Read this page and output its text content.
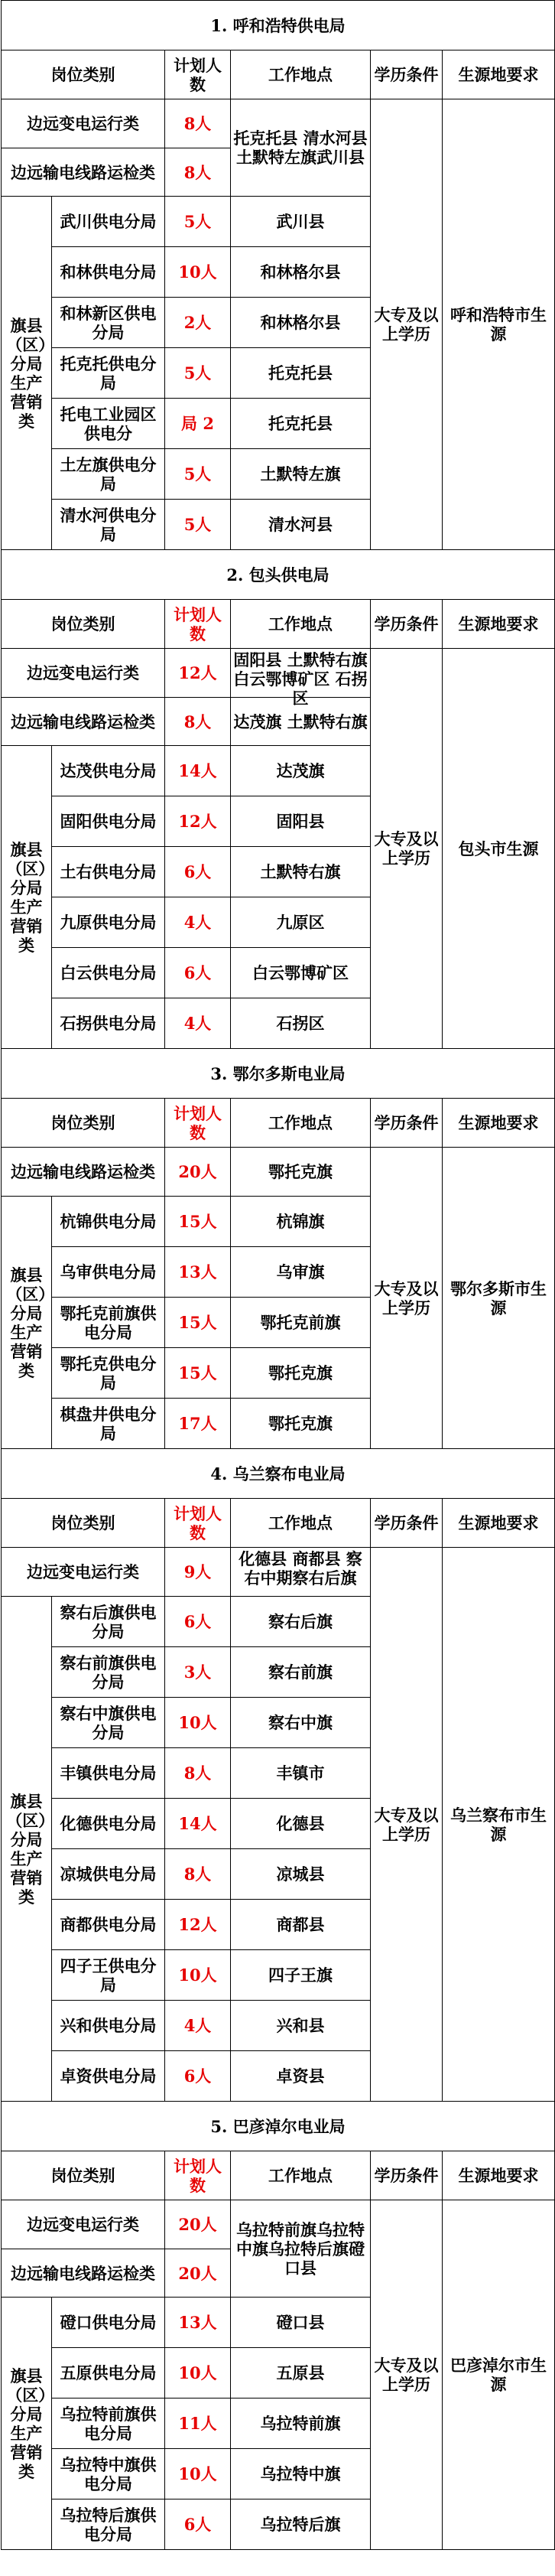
1. 呼和浩特供电局					
岗位类别		计划人数	工作地点	学历条件	生源地要求
边远变电运行类		8人	托克托县 清水河县 土默特左旗武川县	大专及以上学历	呼和浩特市生源
边远输电线路运检类		8人			
旗县（区）分局生产营销类	武川供电分局	5人	武川县		
	和林供电分局	10人	和林格尔县		
	和林新区供电分局	2人	和林格尔县		
	托克托供电分局	5人	托克托县		
	托电工业园区供电分	局 2	托克托县		
	土左旗供电分局	5人	土默特左旗		
	清水河供电分局	5人	清水河县		
2. 包头供电局					
岗位类别		计划人数	工作地点	学历条件	生源地要求
边远变电运行类		12人	固阳县 土默特右旗 白云鄂博矿区 石拐区	大专及以上学历	包头市生源
边远输电线路运检类		8人	达茂旗 土默特右旗		
旗县（区）分局生产营销类	达茂供电分局	14人	达茂旗		
	固阳供电分局	12人	固阳县		
	土右供电分局	6人	土默特右旗		
	九原供电分局	4人	九原区		
	白云供电分局	6人	白云鄂博矿区		
	石拐供电分局	4人	石拐区		
3. 鄂尔多斯电业局					
岗位类别		计划人数	工作地点	学历条件	生源地要求
边远输电线路运检类		20人	鄂托克旗	大专及以上学历	鄂尔多斯市生源
旗县（区）分局生产营销类	杭锦供电分局	15人	杭锦旗		
	乌审供电分局	13人	乌审旗		
	鄂托克前旗供电分局	15人	鄂托克前旗		
	鄂托克供电分局	15人	鄂托克旗		
	棋盘井供电分局	17人	鄂托克旗		
4. 乌兰察布电业局					
岗位类别		计划人数	工作地点	学历条件	生源地要求
边远变电运行类		9人	化德县 商都县 察右中期察右后旗	大专及以上学历	乌兰察布市生源
旗县（区）分局生产营销类	察右后旗供电分局	6人	察右后旗		
	察右前旗供电分局	3人	察右前旗		
	察右中旗供电分局	10人	察右中旗		
	丰镇供电分局	8人	丰镇市		
	化德供电分局	14人	化德县		
	凉城供电分局	8人	凉城县		
	商都供电分局	12人	商都县		
	四子王供电分局	10人	四子王旗		
	兴和供电分局	4人	兴和县		
	卓资供电分局	6人	卓资县		
5. 巴彦淖尔电业局					
岗位类别		计划人数	工作地点	学历条件	生源地要求
边远变电运行类		20人	乌拉特前旗乌拉特中旗乌拉特后旗磴口县	大专及以上学历	巴彦淖尔市生源
边远输电线路运检类		20人			
旗县（区）分局生产营销类	磴口供电分局	13人	磴口县		
	五原供电分局	10人	五原县		
	乌拉特前旗供电分局	11人	乌拉特前旗		
	乌拉特中旗供电分局	10人	乌拉特中旗		
	乌拉特后旗供电分局	6人	乌拉特后旗		
